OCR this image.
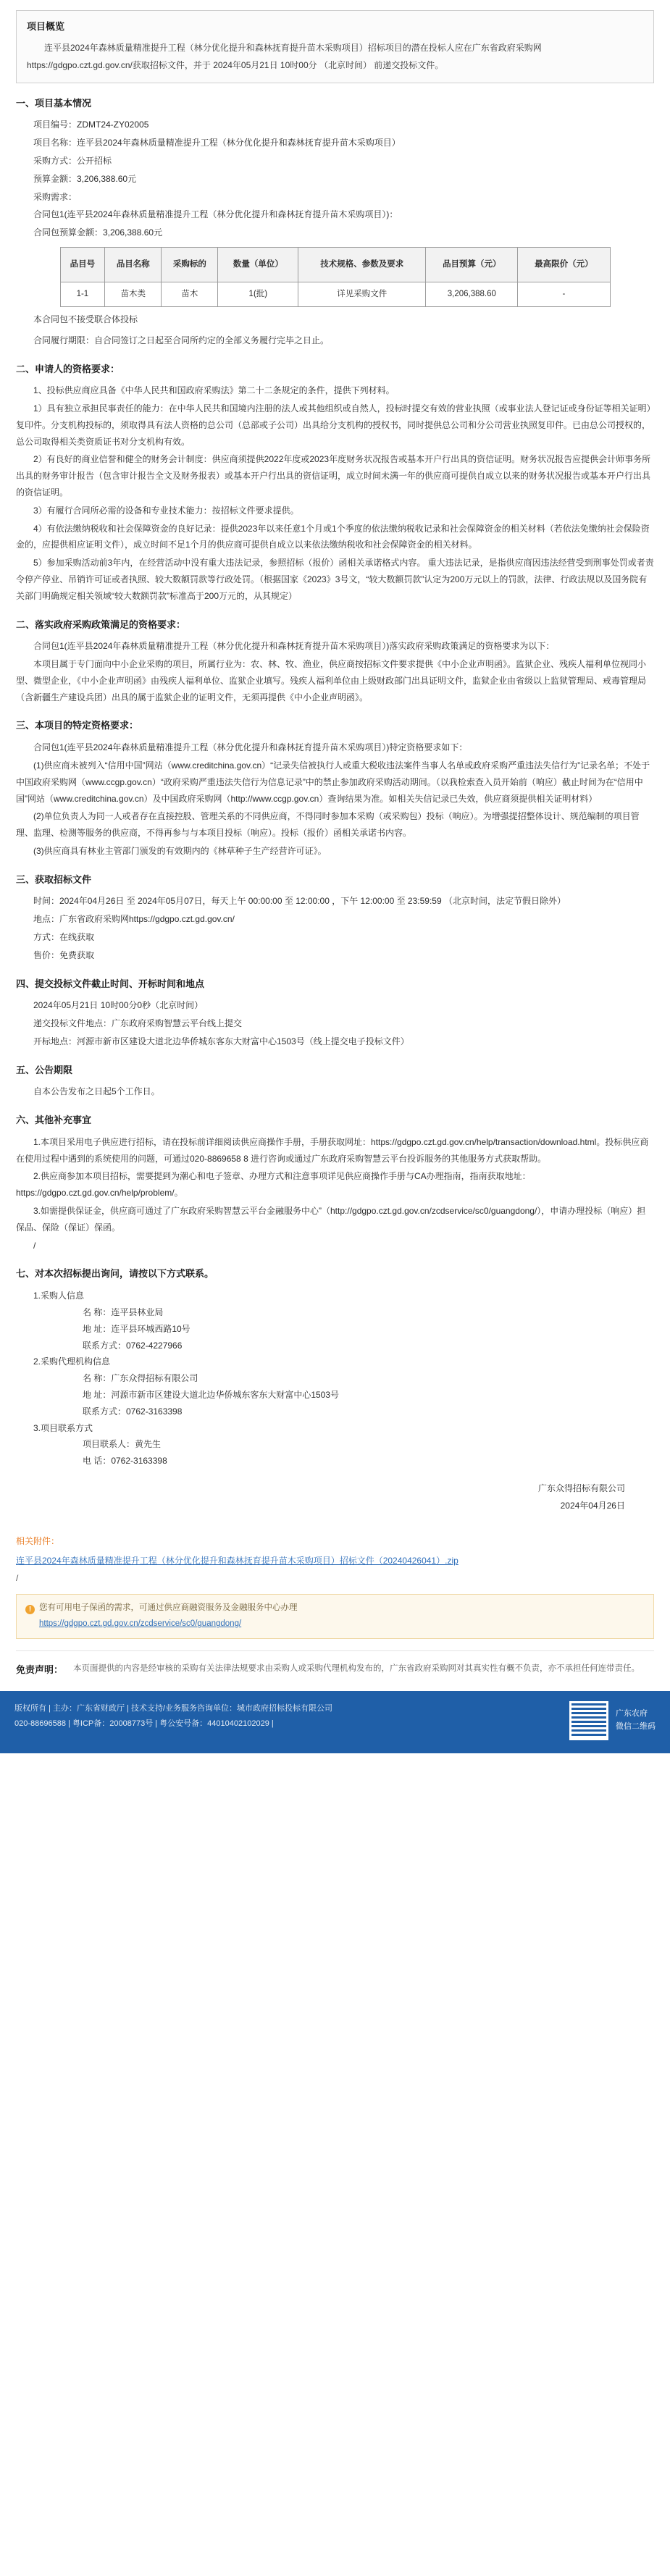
项目概览
连平县2024年森林质量精准提升工程（林分优化提升和森林抚育提升苗木采购项目）招标项目的潜在投标人应在广东省政府采购网https://gdgpo.czt.gd.gov.cn/获取招标文件，并于 2024年05月21日 10时00分 （北京时间） 前递交投标文件。
一、项目基本情况

项目编号：ZDMT24-ZY02005

项目名称：连平县2024年森林质量精准提升工程（林分优化提升和森林抚育提升苗木采购项目）

采购方式：公开招标

预算金额：3,206,388.60元

采购需求：

合同包1(连平县2024年森林质量精准提升工程（林分优化提升和森林抚育提升苗木采购项目）)：

合同包预算金额：3,206,388.60元

品目号	品目名称	采购标的	数量（单位）	技术规格、参数及要求	品目预算（元）	最高限价（元）
1-1	苗木类	苗木	1(批)	详见采购文件	3,206,388.60	-

本合同包不接受联合体投标

合同履行期限：自合同签订之日起至合同所约定的全部义务履行完毕之日止。

二、申请人的资格要求：

1、投标供应商应具备《中华人民共和国政府采购法》第二十二条规定的条件，提供下列材料。

1）具有独立承担民事责任的能力：在中华人民共和国境内注册的法人或其他组织或自然人，投标时提交有效的营业执照（或事业法人登记证或身份证等相关证明）复印件。分支机构投标的，须取得具有法人资格的总公司（总部或子公司）出具给分支机构的授权书，同时提供总公司和分公司营业执照复印件。已由总公司授权的，总公司取得相关类资质证书对分支机构有效。

2）有良好的商业信誉和健全的财务会计制度：供应商须提供2022年度或2023年度财务状况报告或基本开户行出具的资信证明。财务状况报告应提供会计师事务所出具的财务审计报告（包含审计报告全文及财务报表）或基本开户行出具的资信证明，成立时间未满一年的供应商可提供自成立以来的财务状况报告或基本开户行出具的资信证明。

3）有履行合同所必需的设备和专业技术能力：按招标文件要求提供。

4）有依法缴纳税收和社会保障资金的良好记录：提供2023年以来任意1个月或1个季度的依法缴纳税收记录和社会保障资金的相关材料（若依法免缴纳社会保险资金的，应提供相应证明文件），成立时间不足1个月的供应商可提供自成立以来依法缴纳税收和社会保障资金的相关材料。

5）参加采购活动前3年内，在经营活动中没有重大违法记录，参照招标（报价）函相关承诺格式内容。 重大违法记录，是指供应商因违法经营受到刑事处罚或者责令停产停业、吊销许可证或者执照、较大数额罚款等行政处罚。（根据国家《2023》3号文，“较大数额罚款”认定为200万元以上的罚款，法律、行政法规以及国务院有关部门明确规定相关领域“较大数额罚款”标准高于200万元的，从其规定）

二、落实政府采购政策满足的资格要求：

合同包1(连平县2024年森林质量精准提升工程（林分优化提升和森林抚育提升苗木采购项目）)落实政府采购政策满足的资格要求为以下：

本项目属于专门面向中小企业采购的项目，所属行业为：农、林、牧、渔业，供应商按招标文件要求提供《中小企业声明函》。监狱企业、残疾人福利单位视同小型、微型企业，《中小企业声明函》由残疾人福利单位、监狱企业填写。残疾人福利单位由上级财政部门出具证明文件，监狱企业由省级以上监狱管理局、戒毒管理局（含新疆生产建设兵团）出具的属于监狱企业的证明文件，无须再提供《中小企业声明函》。

三、本项目的特定资格要求：

合同包1(连平县2024年森林质量精准提升工程（林分优化提升和森林抚育提升苗木采购项目）)特定资格要求如下：

(1)供应商未被列入“信用中国”网站（www.creditchina.gov.cn）“记录失信被执行人或重大税收违法案件当事人名单或政府采购严重违法失信行为”记录名单；不处于中国政府采购网（www.ccgp.gov.cn）“政府采购严重违法失信行为信息记录”中的禁止参加政府采购活动期间。（以我检索查入员开始前（响应）截止时间为在“信用中国”网站（www.creditchina.gov.cn）及中国政府采购网（http://www.ccgp.gov.cn）查询结果为准。如相关失信记录已失效，供应商须提供相关证明材料）

(2)单位负责人为同一人或者存在直接控股、管理关系的不同供应商，不得同时参加本采购（或采购包）投标（响应）。为增强提招整体设计、规范编制的项目管理、监理、检测等服务的供应商，不得再参与与本项目投标（响应）。投标（报价）函相关承诺书内容。

(3)供应商具有林业主管部门颁发的有效期内的《林草种子生产经营许可证》。

三、获取招标文件

时间：2024年04月26日 至 2024年05月07日，每天上午 00:00:00 至 12:00:00 ，下午 12:00:00 至 23:59:59 （北京时间，法定节假日除外）

地点：广东省政府采购网https://gdgpo.czt.gd.gov.cn/

方式：在线获取

售价：免费获取

四、提交投标文件截止时间、开标时间和地点

2024年05月21日 10时00分0秒（北京时间）

递交投标文件地点：广东政府采购智慧云平台线上提交

开标地点：河源市新市区建设大道北边华侨城东客东大财富中心1503号（线上提交电子投标文件）

五、公告期限

自本公告发布之日起5个工作日。

六、其他补充事宜

1.本项目采用电子供应进行招标，请在投标前详细阅读供应商操作手册，手册获取网址：https://gdgpo.czt.gd.gov.cn/help/transaction/download.html。投标供应商在使用过程中遇到的系统使用的问题，可通过020-8869658 8 进行咨询或通过广东政府采购智慧云平台投诉服务的其他服务方式获取帮助。

2.供应商参加本项目招标，需要提到为潮心和电子签章、办理方式和注意事项详见供应商操作手册与CA办理指南，指南获取地址：https://gdgpo.czt.gd.gov.cn/help/problem/。

3.如需提供保证金，供应商可通过了广东政府采购智慧云平台金融服务中心”（http://gdgpo.czt.gd.gov.cn/zcdservice/sc0/guangdong/），申请办理投标（响应）担保品、保险（保证）保函。

/

七、对本次招标提出询问，请按以下方式联系。

1.采购人信息

名 称：连平县林业局

地 址：连平县环城西路10号

联系方式：0762-4227966

2.采购代理机构信息

名 称：广东众得招标有限公司

地 址：河源市新市区建设大道北边华侨城东客东大财富中心1503号

联系方式：0762-3163398

3.项目联系方式

项目联系人：黄先生

电 话：0762-3163398

广东众得招标有限公司
2024年04月26日
相关附件：
连平县2024年森林质量精准提升工程（林分优化提升和森林抚育提升苗木采购项目）招标文件（20240426041）.zip
/
! 您有可用电子保函的需求，可通过供应商融资服务及金融服务中心办理
https://gdgpo.czt.gd.gov.cn/zcdservice/sc0/guangdong/
免责声明： 本页面提供的内容是经审核的采购有关法律法规要求由采购人或采购代理机构发布的，广东省政府采购网对其真实性有概不负责，亦不承担任何连带责任。
版权所有 | 主办：广东省财政厅 | 技术支持/业务服务咨询单位：城市政府招标投标有限公司
020-88696588 | 粤ICP备：20008773号 | 粤公安号备：44010402102029 |
广东农府
微信二维码
